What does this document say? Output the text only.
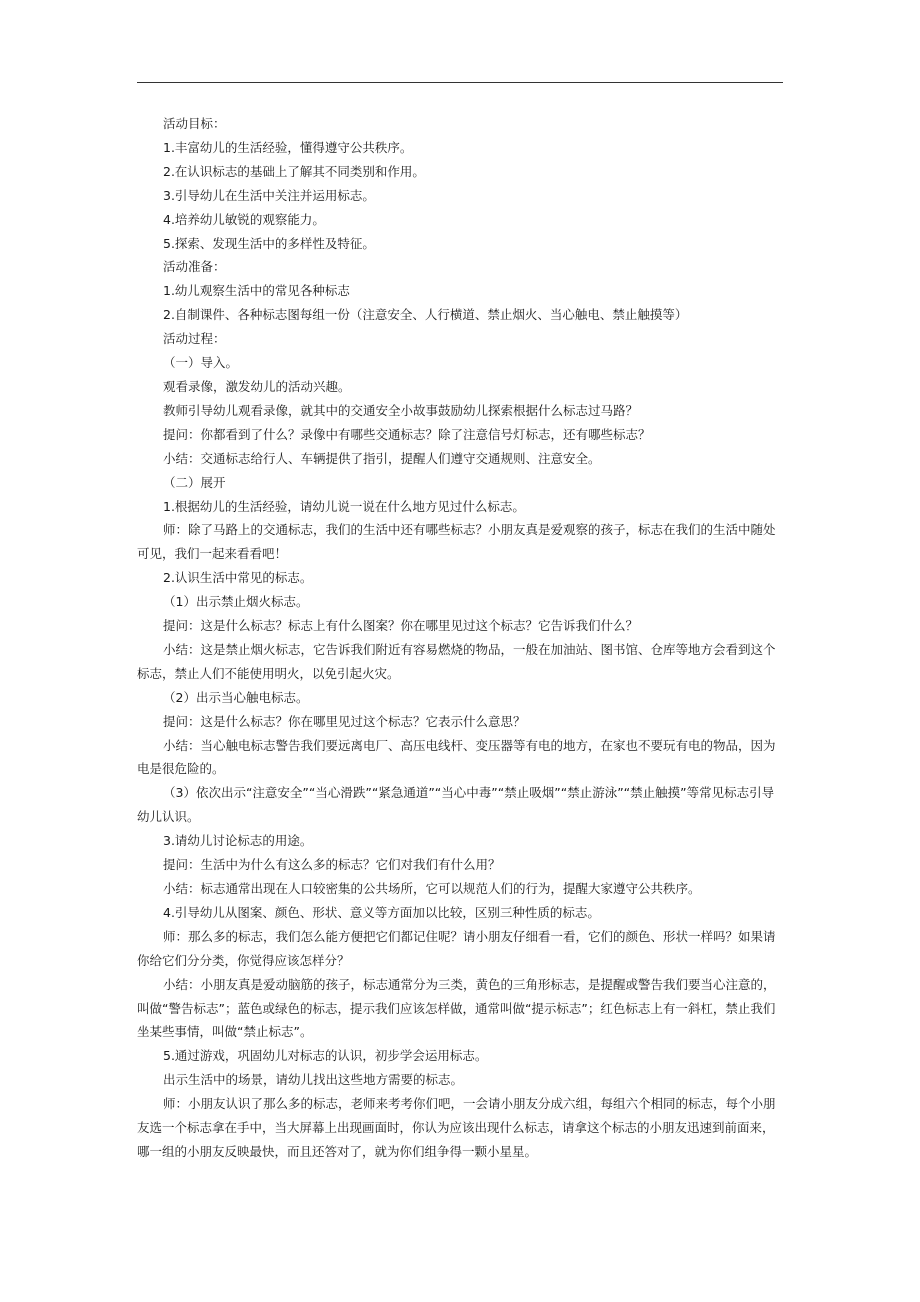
活动目标：

1.丰富幼儿的生活经验，懂得遵守公共秩序。

2.在认识标志的基础上了解其不同类别和作用。

3.引导幼儿在生活中关注并运用标志。

4.培养幼儿敏锐的观察能力。

5.探索、发现生活中的多样性及特征。

活动准备：

1.幼儿观察生活中的常见各种标志

2.自制课件、各种标志图每组一份（注意安全、人行横道、禁止烟火、当心触电、禁止触摸等）

活动过程：

（一）导入。

观看录像，激发幼儿的活动兴趣。

教师引导幼儿观看录像，就其中的交通安全小故事鼓励幼儿探索根据什么标志过马路？

提问：你都看到了什么？录像中有哪些交通标志？除了注意信号灯标志，还有哪些标志？

小结：交通标志给行人、车辆提供了指引，提醒人们遵守交通规则、注意安全。

（二）展开

1.根据幼儿的生活经验，请幼儿说一说在什么地方见过什么标志。

师：除了马路上的交通标志，我们的生活中还有哪些标志？小朋友真是爱观察的孩子，标志在我们的生活中随处可见，我们一起来看看吧！

2.认识生活中常见的标志。

（1）出示禁止烟火标志。

提问：这是什么标志？标志上有什么图案？你在哪里见过这个标志？它告诉我们什么？

小结：这是禁止烟火标志，它告诉我们附近有容易燃烧的物品，一般在加油站、图书馆、仓库等地方会看到这个标志，禁止人们不能使用明火，以免引起火灾。

（2）出示当心触电标志。

提问：这是什么标志？你在哪里见过这个标志？它表示什么意思？

小结：当心触电标志警告我们要远离电厂、高压电线杆、变压器等有电的地方，在家也不要玩有电的物品，因为电是很危险的。

（3）依次出示“注意安全”“当心滑跌”“紧急通道”“当心中毒”“禁止吸烟”“禁止游泳”“禁止触摸”等常见标志引导幼儿认识。

3.请幼儿讨论标志的用途。

提问：生活中为什么有这么多的标志？它们对我们有什么用？

小结：标志通常出现在人口较密集的公共场所，它可以规范人们的行为，提醒大家遵守公共秩序。

4.引导幼儿从图案、颜色、形状、意义等方面加以比较，区别三种性质的标志。

师：那么多的标志，我们怎么能方便把它们都记住呢？请小朋友仔细看一看，它们的颜色、形状一样吗？如果请你给它们分分类，你觉得应该怎样分？

小结：小朋友真是爱动脑筋的孩子，标志通常分为三类，黄色的三角形标志，是提醒或警告我们要当心注意的，叫做“警告标志”；蓝色或绿色的标志，提示我们应该怎样做，通常叫做“提示标志”；红色标志上有一斜杠，禁止我们坐某些事情，叫做“禁止标志”。

5.通过游戏，巩固幼儿对标志的认识，初步学会运用标志。

出示生活中的场景，请幼儿找出这些地方需要的标志。

师：小朋友认识了那么多的标志，老师来考考你们吧，一会请小朋友分成六组，每组六个相同的标志，每个小朋友选一个标志拿在手中，当大屏幕上出现画面时，你认为应该出现什么标志，请拿这个标志的小朋友迅速到前面来，哪一组的小朋友反映最快，而且还答对了，就为你们组争得一颗小星星。
